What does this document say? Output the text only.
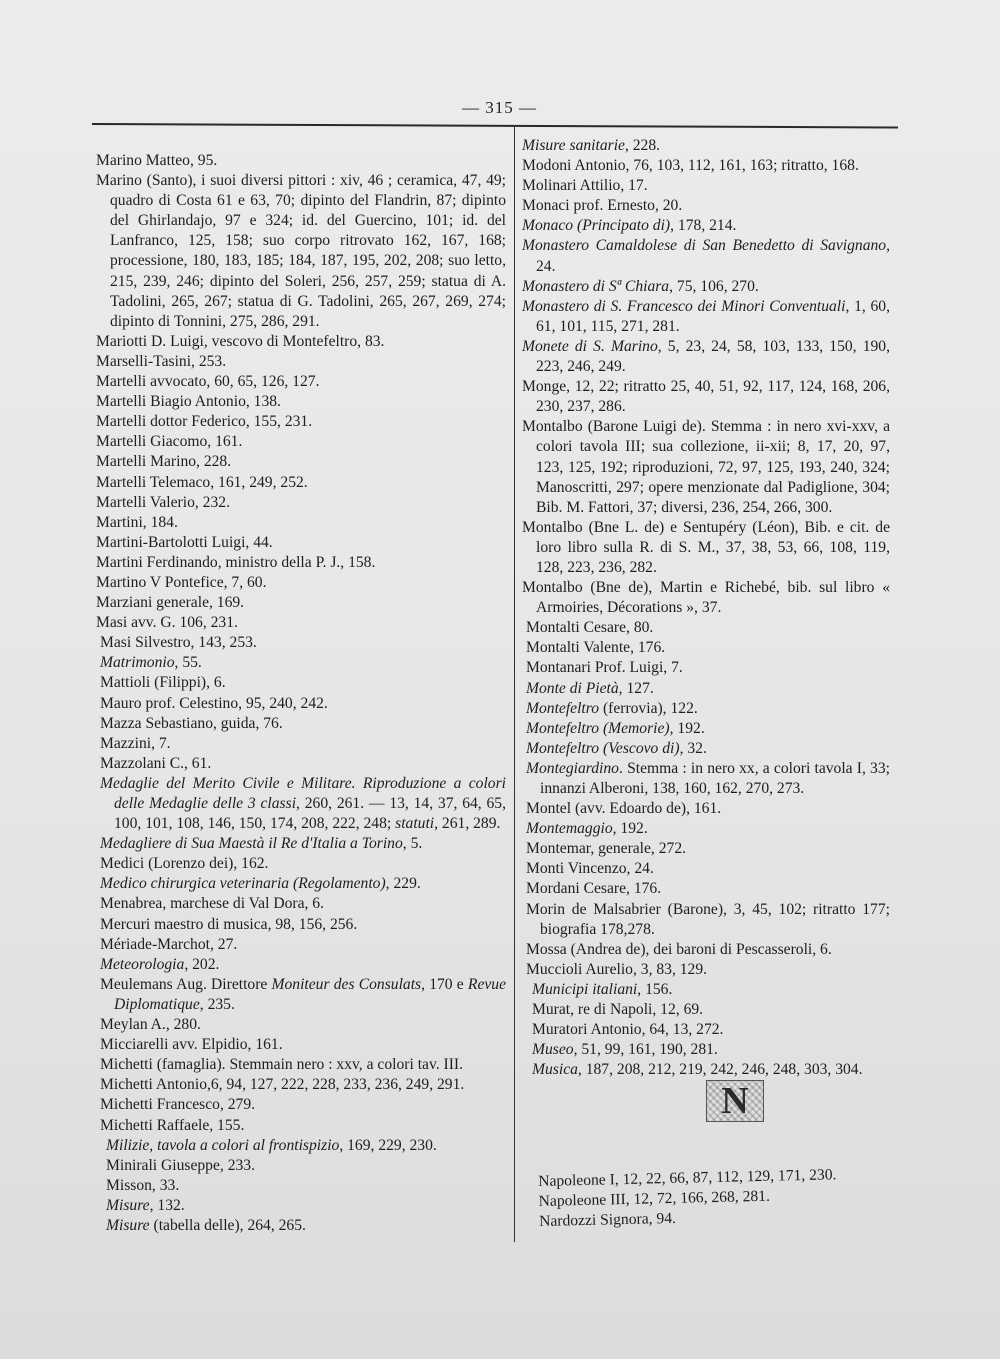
— 315 —

Marino Matteo, 95.

Marino (Santo), i suoi diversi pittori : xiv, 46 ; ceramica, 47, 49; quadro di Costa 61 e 63, 70; dipinto del Flandrin, 87; dipinto del Ghirlandajo, 97 e 324; id. del Guercino, 101; id. del Lanfranco, 125, 158; suo corpo ritrovato 162, 167, 168; processione, 180, 183, 185; 184, 187, 195, 202, 208; suo letto, 215, 239, 246; dipinto del Soleri, 256, 257, 259; statua di A. Tadolini, 265, 267; statua di G. Tadolini, 265, 267, 269, 274; dipinto di Tonnini, 275, 286, 291.

Mariotti D. Luigi, vescovo di Montefeltro, 83.

Marselli-Tasini, 253.

Martelli avvocato, 60, 65, 126, 127.

Martelli Biagio Antonio, 138.

Martelli dottor Federico, 155, 231.

Martelli Giacomo, 161.

Martelli Marino, 228.

Martelli Telemaco, 161, 249, 252.

Martelli Valerio, 232.

Martini, 184.

Martini-Bartolotti Luigi, 44.

Martini Ferdinando, ministro della P. J., 158.

Martino V Pontefice, 7, 60.

Marziani generale, 169.

Masi avv. G. 106, 231.

Masi Silvestro, 143, 253.

Matrimonio, 55.

Mattioli (Filippi), 6.

Mauro prof. Celestino, 95, 240, 242.

Mazza Sebastiano, guida, 76.

Mazzini, 7.

Mazzolani C., 61.

Medaglie del Merito Civile e Militare. Riproduzione a colori delle Medaglie delle 3 classi, 260, 261. — 13, 14, 37, 64, 65, 100, 101, 108, 146, 150, 174, 208, 222, 248; statuti, 261, 289.

Medagliere di Sua Maestà il Re d'Italia a Torino, 5.

Medici (Lorenzo dei), 162.

Medico chirurgica veterinaria (Regolamento), 229.

Menabrea, marchese di Val Dora, 6.

Mercuri maestro di musica, 98, 156, 256.

Mériade-Marchot, 27.

Meteorologia, 202.

Meulemans Aug. Direttore Moniteur des Consulats, 170 e Revue Diplomatique, 235.

Meylan A., 280.

Micciarelli avv. Elpidio, 161.

Michetti (famaglia). Stemmain nero : xxv, a colori tav. III.

Michetti Antonio,6, 94, 127, 222, 228, 233, 236, 249, 291.

Michetti Francesco, 279.

Michetti Raffaele, 155.

Milizie, tavola a colori al frontispizio, 169, 229, 230.

Minirali Giuseppe, 233.

Misson, 33.

Misure, 132.

Misure (tabella delle), 264, 265.

Misure sanitarie, 228.

Modoni Antonio, 76, 103, 112, 161, 163; ritratto, 168.

Molinari Attilio, 17.

Monaci prof. Ernesto, 20.

Monaco (Principato di), 178, 214.

Monastero Camaldolese di San Benedetto di Savignano, 24.

Monastero di Sª Chiara, 75, 106, 270.

Monastero di S. Francesco dei Minori Conventuali, 1, 60, 61, 101, 115, 271, 281.

Monete di S. Marino, 5, 23, 24, 58, 103, 133, 150, 190, 223, 246, 249.

Monge, 12, 22; ritratto 25, 40, 51, 92, 117, 124, 168, 206, 230, 237, 286.

Montalbo (Barone Luigi de). Stemma : in nero xvi-xxv, a colori tavola III; sua collezione, ii-xii; 8, 17, 20, 97, 123, 125, 192; riproduzioni, 72, 97, 125, 193, 240, 324; Manoscritti, 297; opere menzionate dal Padiglione, 304; Bib. M. Fattori, 37; diversi, 236, 254, 266, 300.

Montalbo (Bne L. de) e Sentupéry (Léon), Bib. e cit. de loro libro sulla R. di S. M., 37, 38, 53, 66, 108, 119, 128, 223, 236, 282.

Montalbo (Bne de), Martin e Richebé, bib. sul libro « Armoiries, Décorations », 37.

Montalti Cesare, 80.

Montalti Valente, 176.

Montanari Prof. Luigi, 7.

Monte di Pietà, 127.

Montefeltro (ferrovia), 122.

Montefeltro (Memorie), 192.

Montefeltro (Vescovo di), 32.

Montegiardino. Stemma : in nero xx, a colori tavola I, 33; innanzi Alberoni, 138, 160, 162, 270, 273.

Montel (avv. Edoardo de), 161.

Montemaggio, 192.

Montemar, generale, 272.

Monti Vincenzo, 24.

Mordani Cesare, 176.

Morin de Malsabrier (Barone), 3, 45, 102; ritratto 177; biografia 178,278.

Mossa (Andrea de), dei baroni di Pescasseroli, 6.

Muccioli Aurelio, 3, 83, 129.

Municipi italiani, 156.

Murat, re di Napoli, 12, 69.

Muratori Antonio, 64, 13, 272.

Museo, 51, 99, 161, 190, 281.

Musica, 187, 208, 212, 219, 242, 246, 248, 303, 304.

N

Napoleone I, 12, 22, 66, 87, 112, 129, 171, 230.

Napoleone III, 12, 72, 166, 268, 281.

Nardozzi Signora, 94.
